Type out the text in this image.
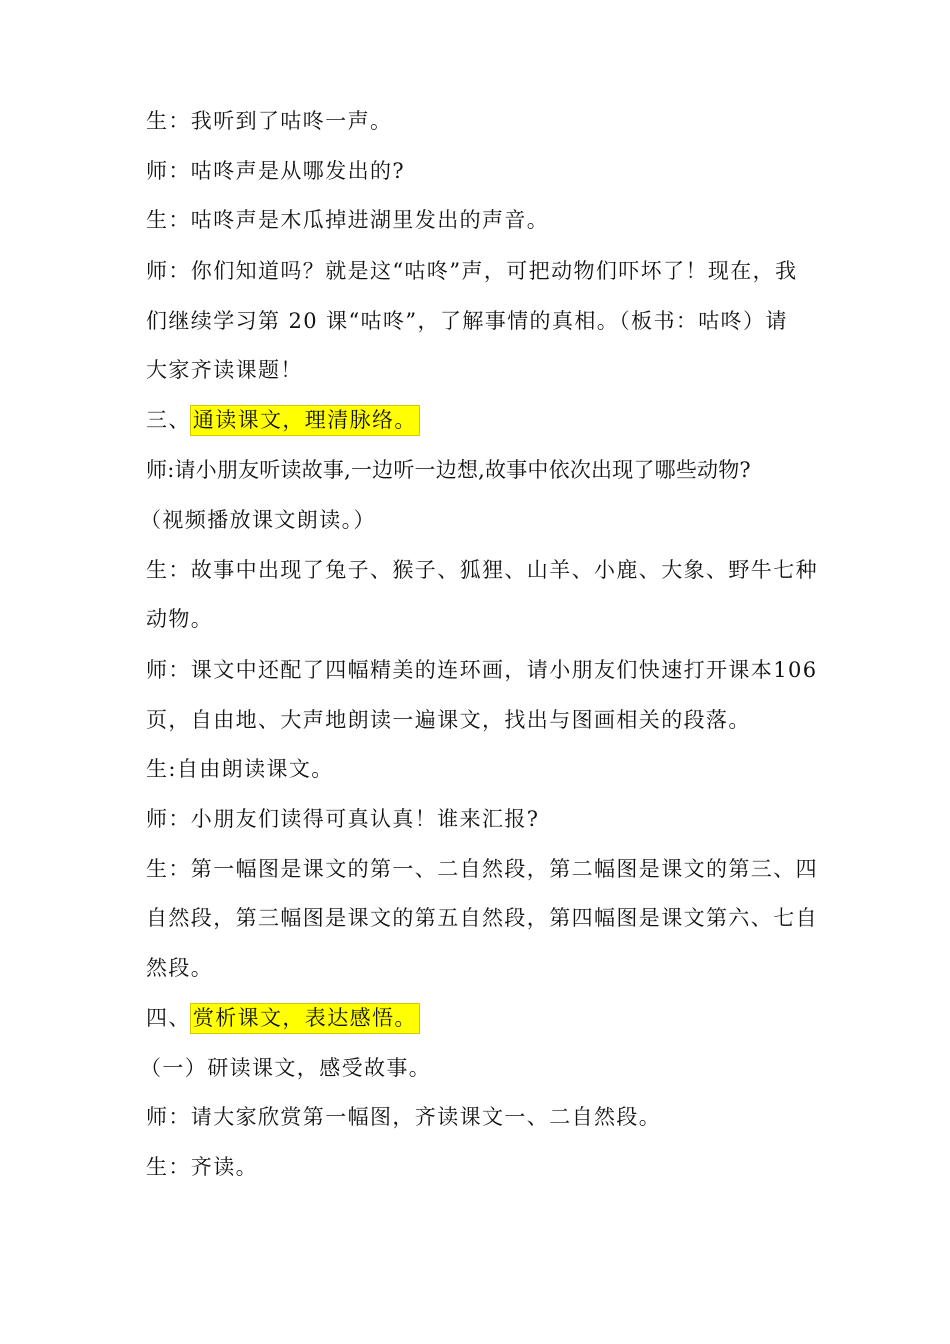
生：我听到了咕咚一声。
师：咕咚声是从哪发出的?
生：咕咚声是木瓜掉进湖里发出的声音。
师：你们知道吗？就是这“咕咚”声，可把动物们吓坏了！现在，我
们继续学习第 20 课“咕咚”，了解事情的真相。（板书：咕咚）请
大家齐读课题！
三、通读课文，理清脉络。
师:请小朋友听读故事,一边听一边想,故事中依次出现了哪些动物?
（视频播放课文朗读。）
生：故事中出现了兔子、猴子、狐狸、山羊、小鹿、大象、野牛七种
动物。
师：课文中还配了四幅精美的连环画，请小朋友们快速打开课本106
页，自由地、大声地朗读一遍课文，找出与图画相关的段落。
生:自由朗读课文。
师：小朋友们读得可真认真！谁来汇报?
生：第一幅图是课文的第一、二自然段，第二幅图是课文的第三、四
自然段，第三幅图是课文的第五自然段，第四幅图是课文第六、七自
然段。
四、赏析课文，表达感悟。
（一）研读课文，感受故事。
师：请大家欣赏第一幅图，齐读课文一、二自然段。
生：齐读。
